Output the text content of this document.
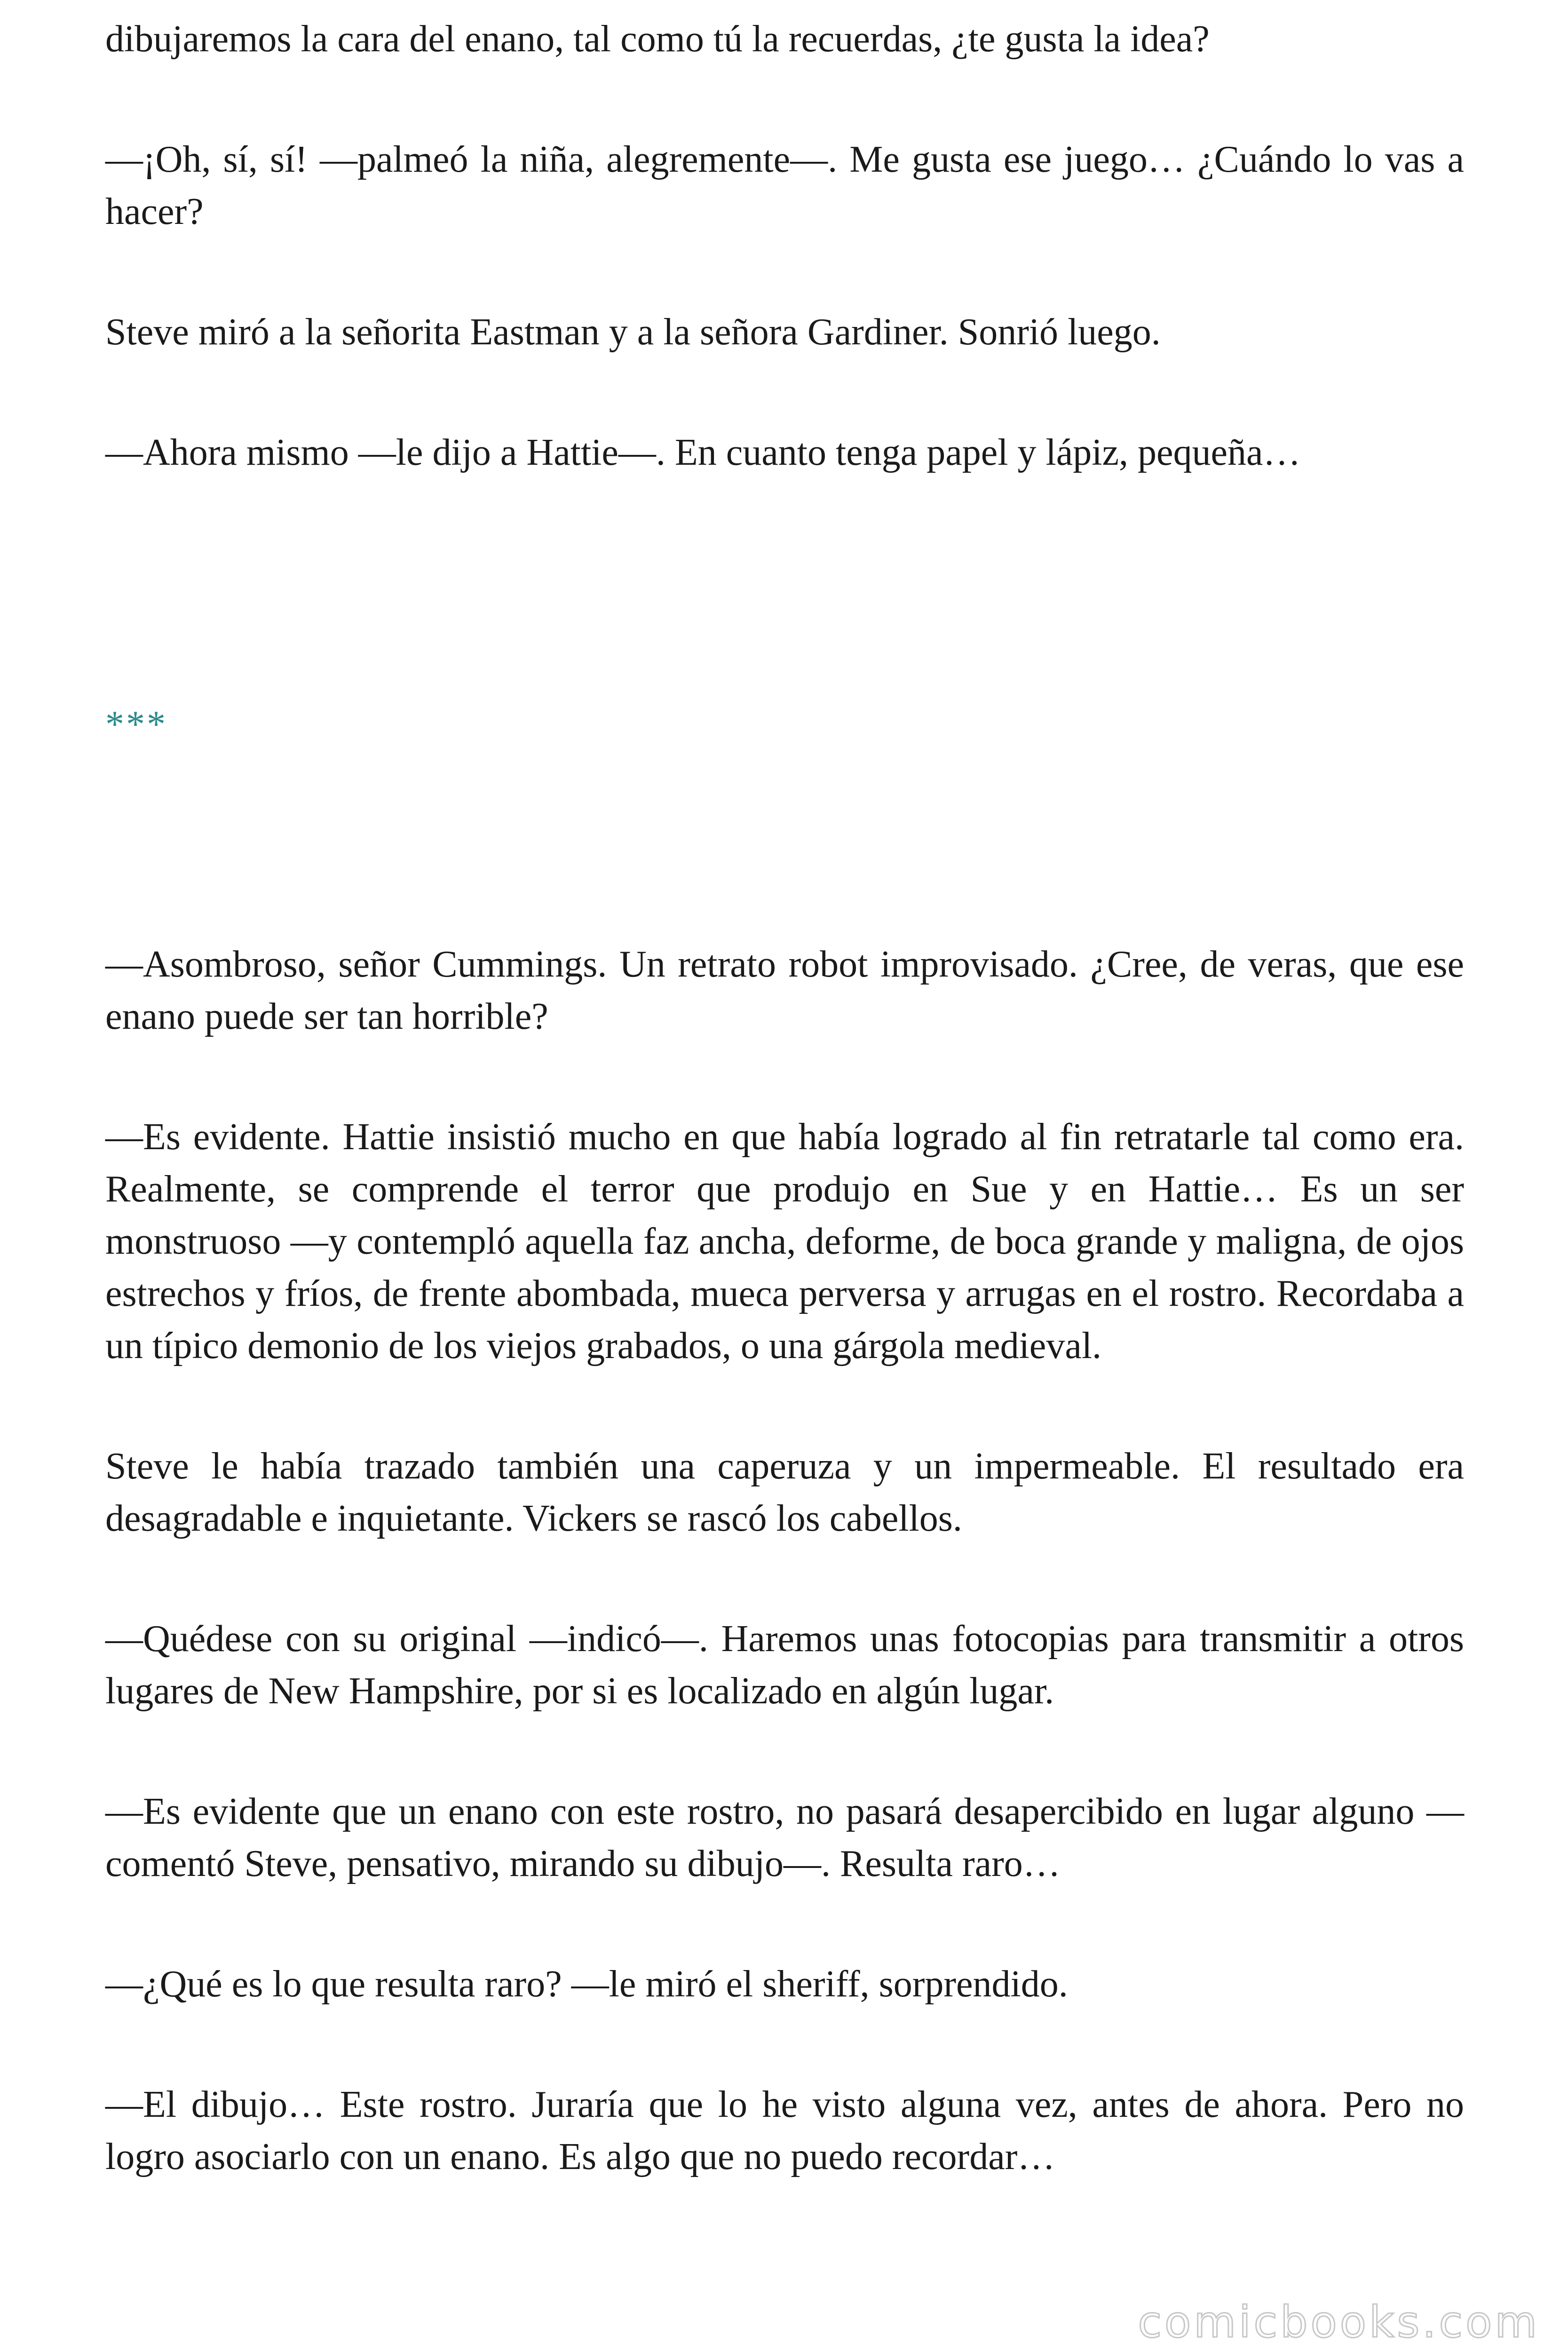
dibujaremos la cara del enano, tal como tú la recuerdas, ¿te gusta la idea?

—¡Oh, sí, sí! —palmeó la niña, alegremente—. Me gusta ese juego… ¿Cuándo lo vas a hacer?

Steve miró a la señorita Eastman y a la señora Gardiner. Sonrió luego.

—Ahora mismo —le dijo a Hattie—. En cuanto tenga papel y lápiz, pequeña…

***

—Asombroso, señor Cummings. Un retrato robot improvisado. ¿Cree, de veras, que ese enano puede ser tan horrible?

—Es evidente. Hattie insistió mucho en que había logrado al fin retratarle tal como era. Realmente, se comprende el terror que produjo en Sue y en Hattie… Es un ser monstruoso —y contempló aquella faz ancha, deforme, de boca grande y maligna, de ojos estrechos y fríos, de frente abombada, mueca perversa y arrugas en el rostro. Recordaba a un típico demonio de los viejos grabados, o una gárgola medieval.

Steve le había trazado también una caperuza y un impermeable. El resultado era desagradable e inquietante. Vickers se rascó los cabellos.

—Quédese con su original —indicó—. Haremos unas fotocopias para transmitir a otros lugares de New Hampshire, por si es localizado en algún lugar.

—Es evidente que un enano con este rostro, no pasará desapercibido en lugar alguno —comentó Steve, pensativo, mirando su dibujo—. Resulta raro…

—¿Qué es lo que resulta raro? —le miró el sheriff, sorprendido.

—El dibujo… Este rostro. Juraría que lo he visto alguna vez, antes de ahora. Pero no logro asociarlo con un enano. Es algo que no puedo recordar…

comicbooks.com
